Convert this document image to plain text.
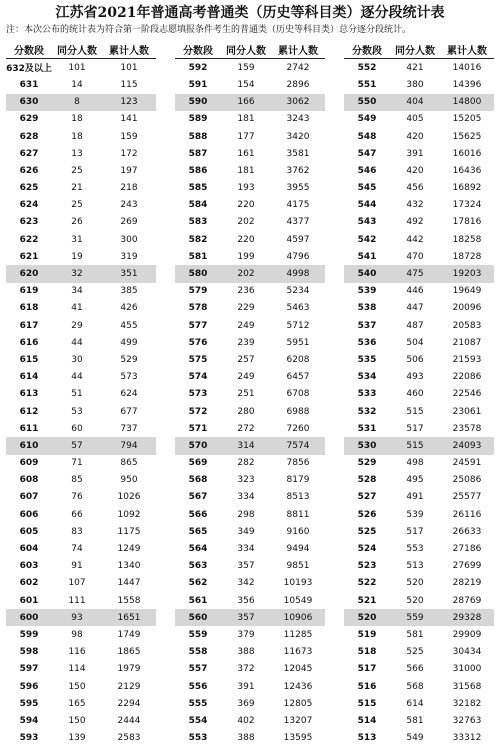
江苏省2021年普通高考普通类（历史等科目类）逐分段统计表
注：本次公布的统计表为符合第一阶段志愿填报条件考生的普通类（历史等科目类）总分逐分段统计。
分数段	同分人数	累计人数
632及以上	101	101
631	14	115
630	8	123
629	18	141
628	18	159
627	13	172
626	25	197
625	21	218
624	25	243
623	26	269
622	31	300
621	19	319
620	32	351
619	34	385
618	41	426
617	29	455
616	44	499
615	30	529
614	44	573
613	51	624
612	53	677
611	60	737
610	57	794
609	71	865
608	85	950
607	76	1026
606	66	1092
605	83	1175
604	74	1249
603	91	1340
602	107	1447
601	111	1558
600	93	1651
599	98	1749
598	116	1865
597	114	1979
596	150	2129
595	165	2294
594	150	2444
593	139	2583
分数段	同分人数	累计人数
592	159	2742
591	154	2896
590	166	3062
589	181	3243
588	177	3420
587	161	3581
586	181	3762
585	193	3955
584	220	4175
583	202	4377
582	220	4597
581	199	4796
580	202	4998
579	236	5234
578	229	5463
577	249	5712
576	239	5951
575	257	6208
574	249	6457
573	251	6708
572	280	6988
571	272	7260
570	314	7574
569	282	7856
568	323	8179
567	334	8513
566	298	8811
565	349	9160
564	334	9494
563	357	9851
562	342	10193
561	356	10549
560	357	10906
559	379	11285
558	388	11673
557	372	12045
556	391	12436
555	369	12805
554	402	13207
553	388	13595
分数段	同分人数	累计人数
552	421	14016
551	380	14396
550	404	14800
549	405	15205
548	420	15625
547	391	16016
546	420	16436
545	456	16892
544	432	17324
543	492	17816
542	442	18258
541	470	18728
540	475	19203
539	446	19649
538	447	20096
537	487	20583
536	504	21087
535	506	21593
534	493	22086
533	460	22546
532	515	23061
531	517	23578
530	515	24093
529	498	24591
528	495	25086
527	491	25577
526	539	26116
525	517	26633
524	553	27186
523	513	27699
522	520	28219
521	520	28769
520	559	29328
519	581	29909
518	525	30434
517	566	31000
516	568	31568
515	614	32182
514	581	32763
513	549	33312
